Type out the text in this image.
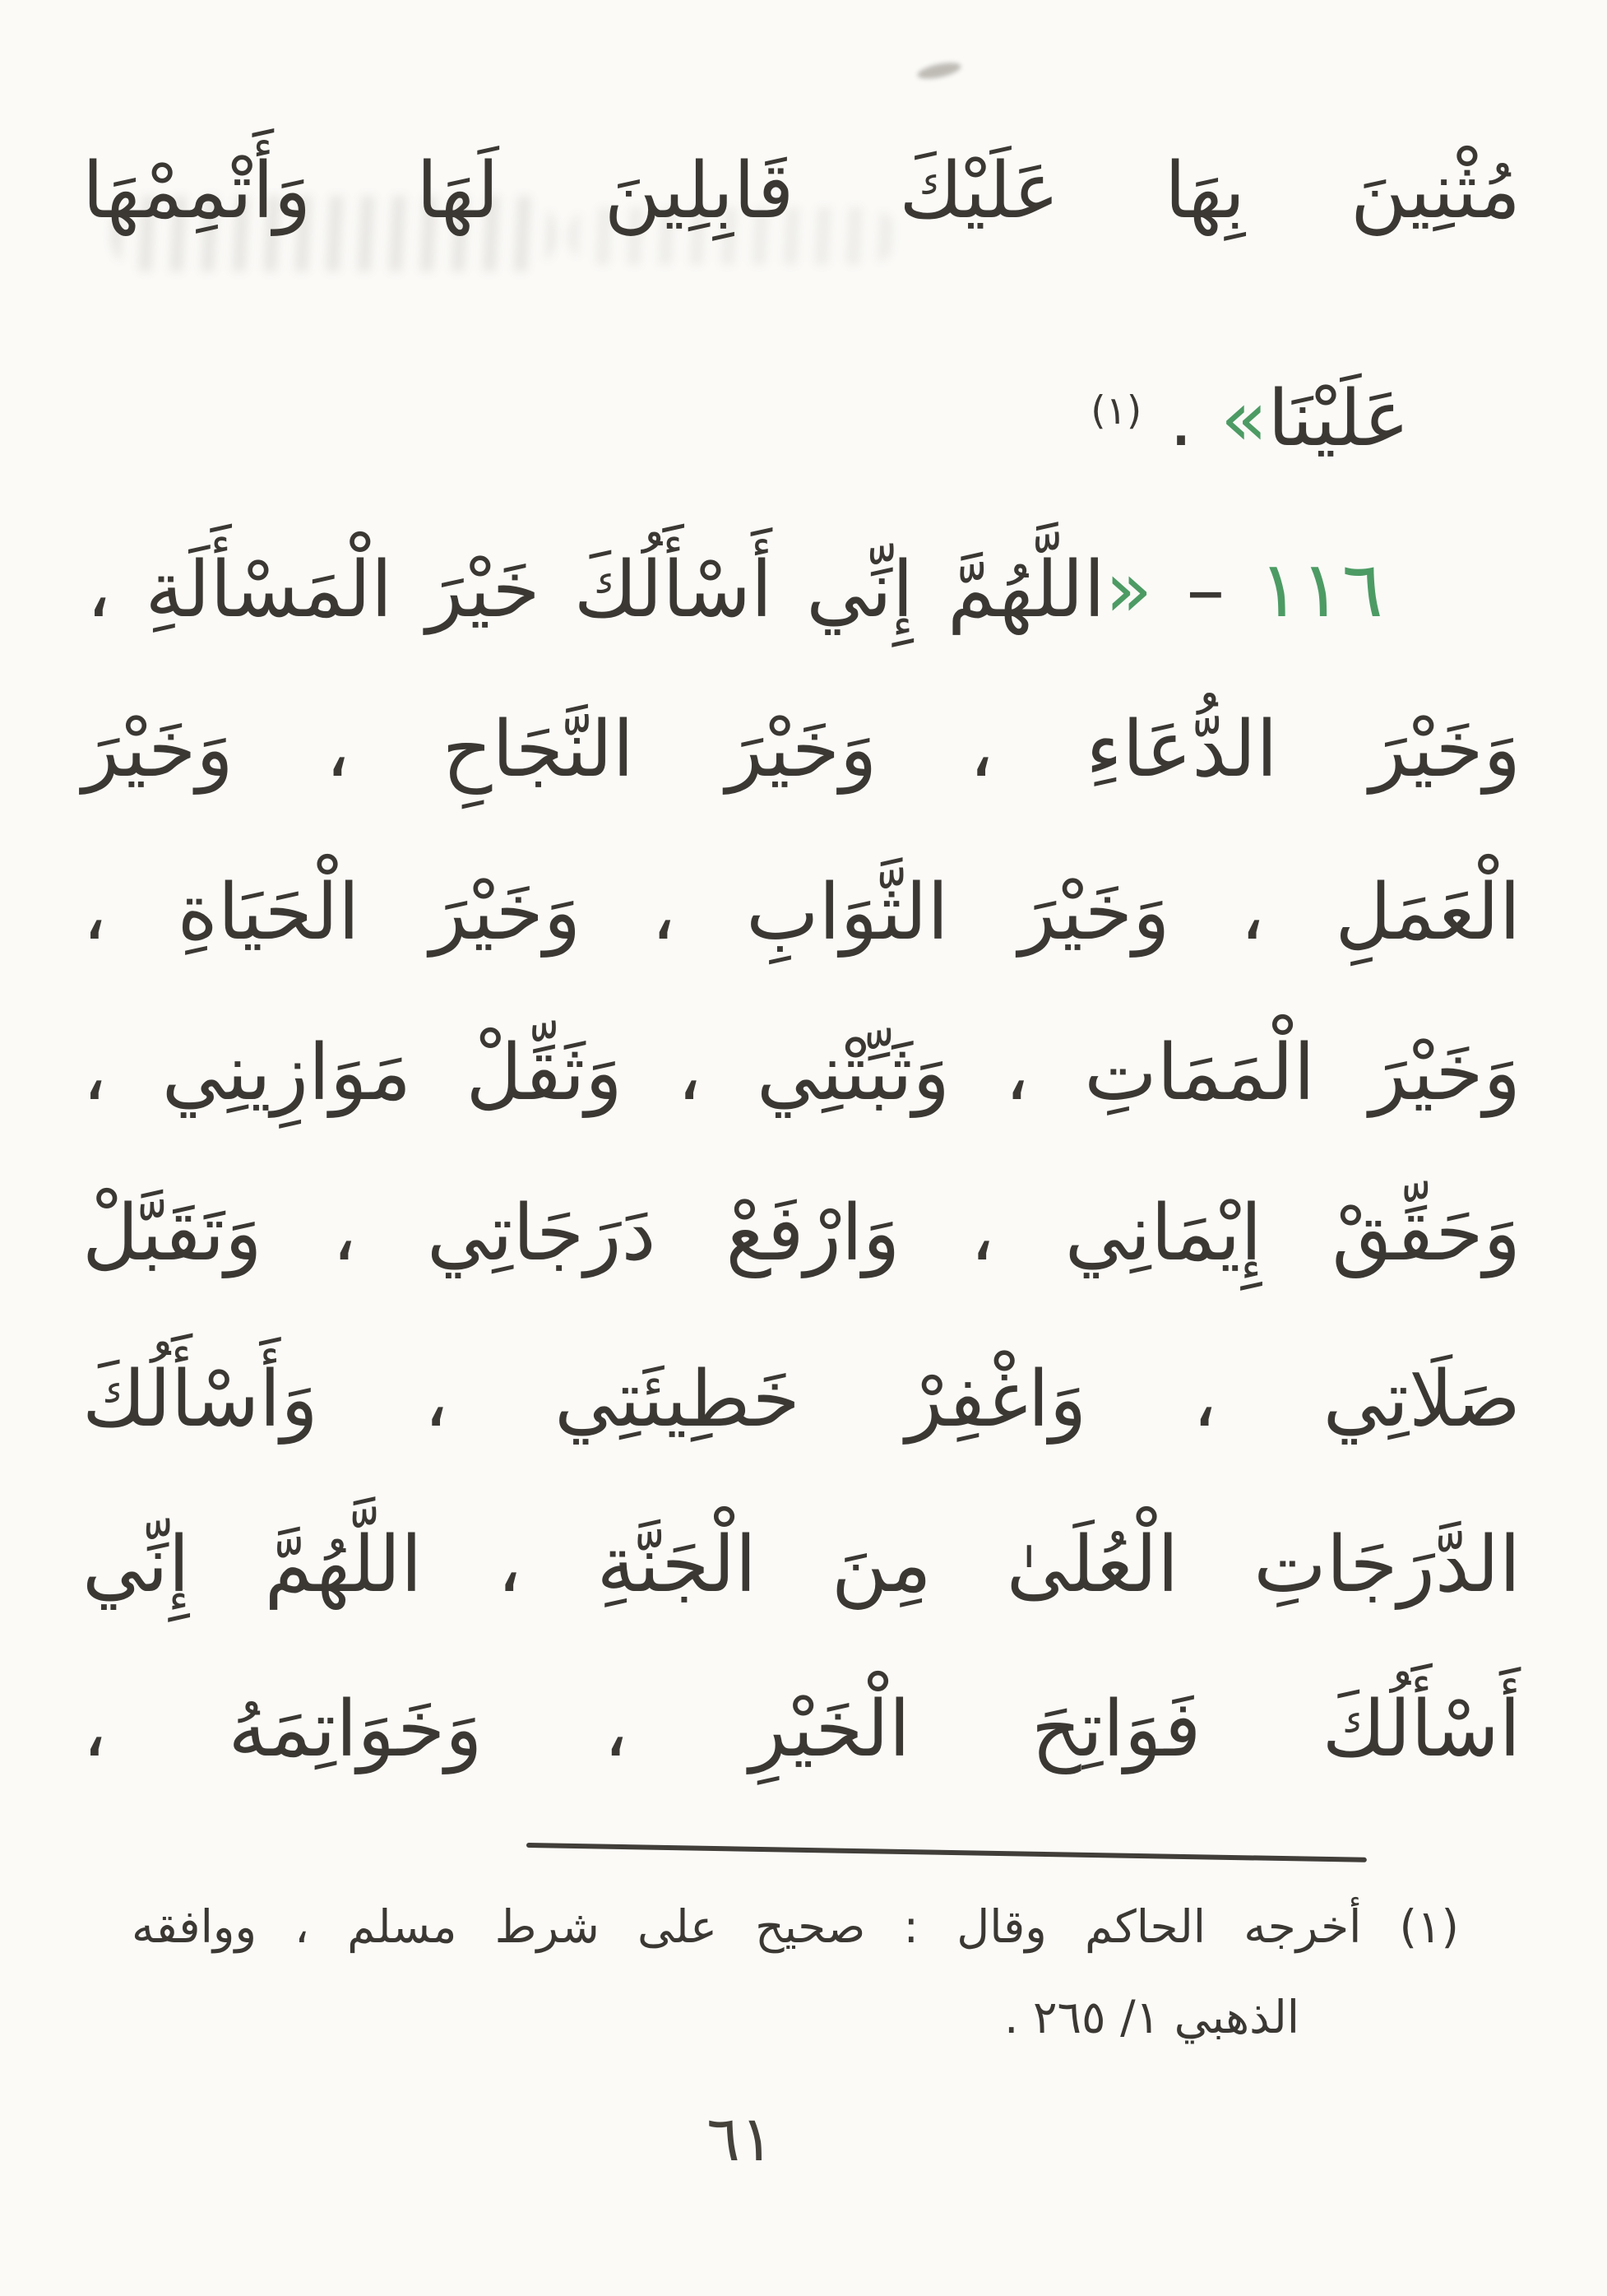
مُثْنِينَ بِهَا عَلَيْكَ قَابِلِينَ لَهَا وَأَتْمِمْهَا
عَلَيْنَا».$^{(١)}$
١١٦ – «اللَّهُمَّ إِنِّي أَسْأَلُكَ خَيْرَ الْمَسْأَلَةِ ،
وَخَيْرَ الدُّعَاءِ ، وَخَيْرَ النَّجَاحِ ، وَخَيْرَ
الْعَمَلِ ، وَخَيْرَ الثَّوَابِ ، وَخَيْرَ الْحَيَاةِ ،
وَخَيْرَ الْمَمَاتِ ، وَثَبِّتْنِي ، وَثَقِّلْ مَوَازِينِي ،
وَحَقِّقْ إِيْمَانِي ، وَارْفَعْ دَرَجَاتِي ، وَتَقَبَّلْ
صَلَاتِي ، وَاغْفِرْ خَطِيئَتِي ، وَأَسْأَلُكَ
الدَّرَجَاتِ الْعُلَىٰ مِنَ الْجَنَّةِ ، اللَّهُمَّ إِنِّي
أَسْأَلُكَ فَوَاتِحَ الْخَيْرِ ، وَخَوَاتِمَهُ ،
(١) أخرجه الحاكم وقال : صحيح على شرط مسلم ، ووافقه
الذهبي ١/ ٢٦٥ .
٦١
